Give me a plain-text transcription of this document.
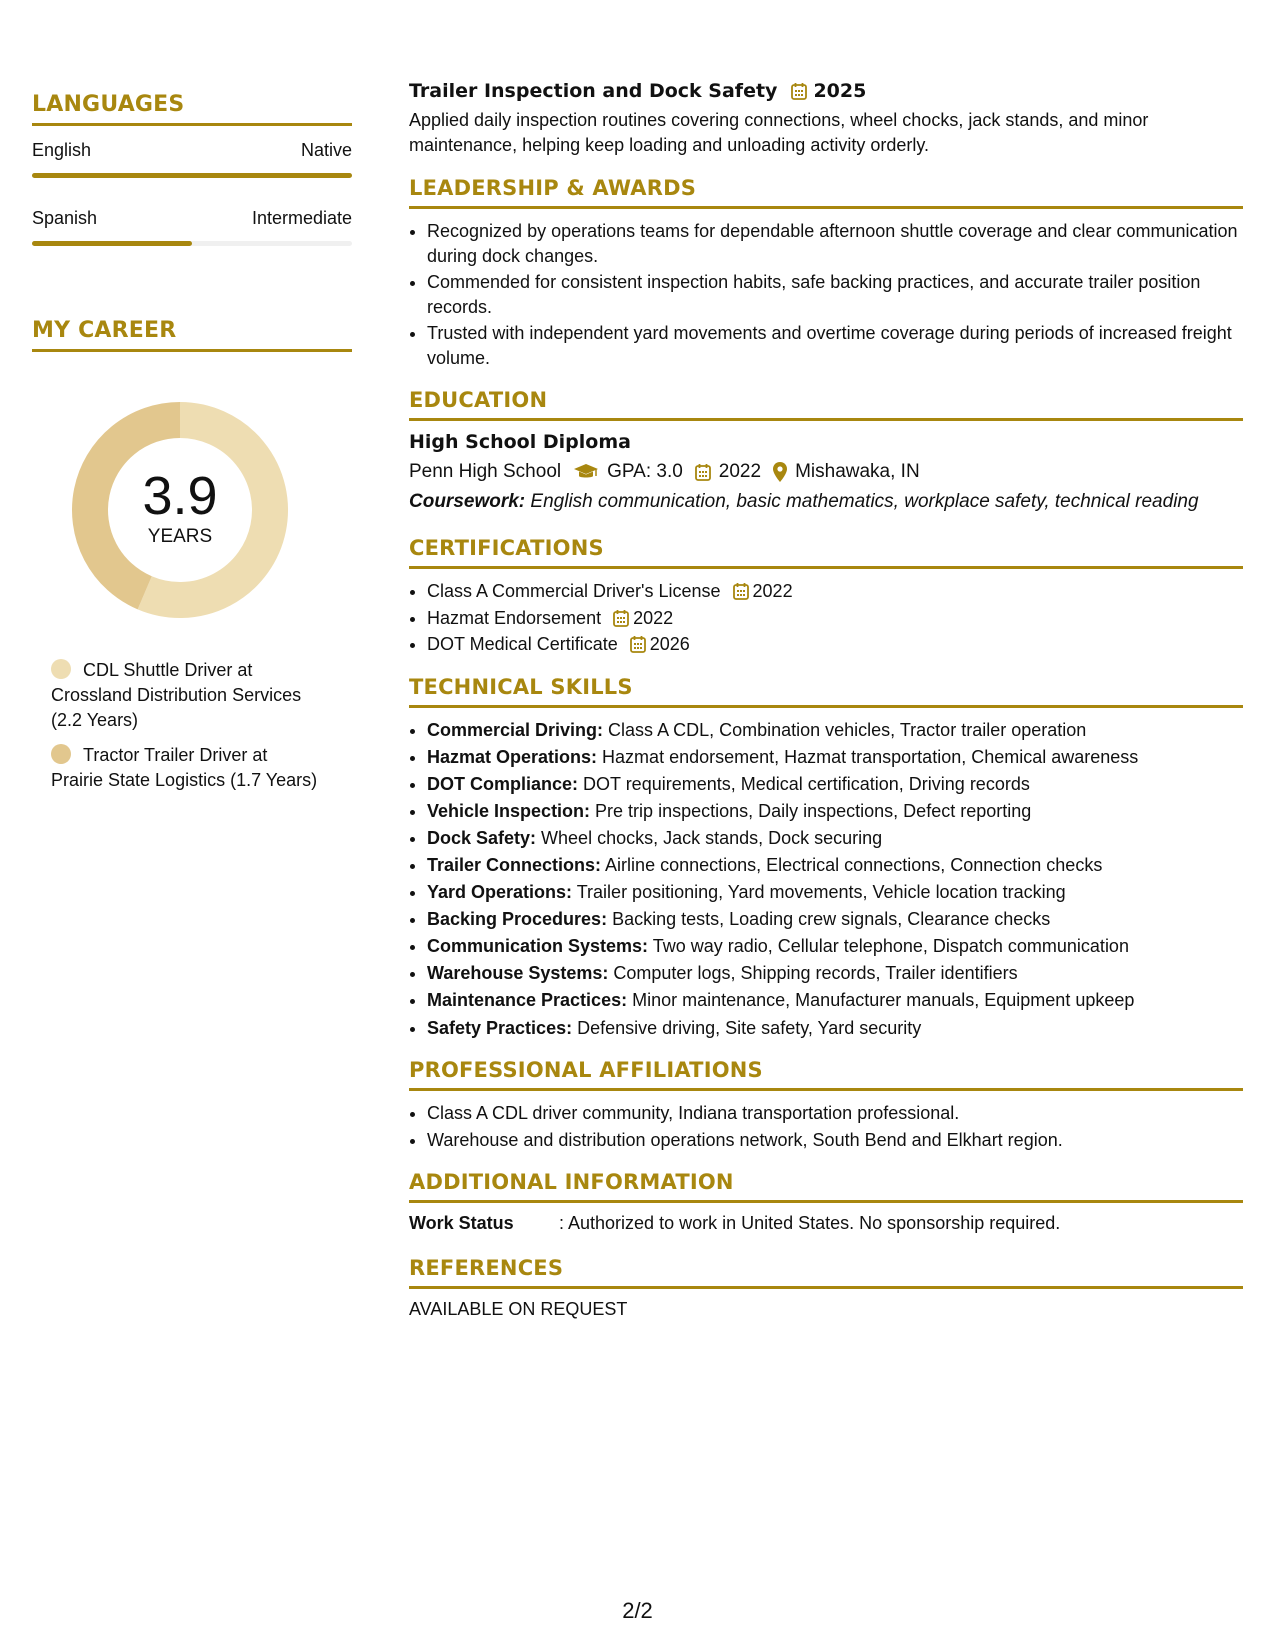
LANGUAGES
English	Native
Spanish	Intermediate
MY CAREER
3.9
YEARS
CDL Shuttle Driver at Crossland Distribution Services (2.2 Years)
Tractor Trailer Driver at Prairie State Logistics (1.7 Years)
Trailer Inspection and Dock Safety 2025
Applied daily inspection routines covering connections, wheel chocks, jack stands, and minor maintenance, helping keep loading and unloading activity orderly.
LEADERSHIP & AWARDS
• Recognized by operations teams for dependable afternoon shuttle coverage and clear communication during dock changes.
• Commended for consistent inspection habits, safe backing practices, and accurate trailer position records.
• Trusted with independent yard movements and overtime coverage during periods of increased freight volume.
EDUCATION
High School Diploma
Penn High School GPA: 3.0 2022 Mishawaka, IN
Coursework: English communication, basic mathematics, workplace safety, technical reading
CERTIFICATIONS
• Class A Commercial Driver's License 2022
• Hazmat Endorsement 2022
• DOT Medical Certificate 2026
TECHNICAL SKILLS
• Commercial Driving: Class A CDL, Combination vehicles, Tractor trailer operation
• Hazmat Operations: Hazmat endorsement, Hazmat transportation, Chemical awareness
• DOT Compliance: DOT requirements, Medical certification, Driving records
• Vehicle Inspection: Pre trip inspections, Daily inspections, Defect reporting
• Dock Safety: Wheel chocks, Jack stands, Dock securing
• Trailer Connections: Airline connections, Electrical connections, Connection checks
• Yard Operations: Trailer positioning, Yard movements, Vehicle location tracking
• Backing Procedures: Backing tests, Loading crew signals, Clearance checks
• Communication Systems: Two way radio, Cellular telephone, Dispatch communication
• Warehouse Systems: Computer logs, Shipping records, Trailer identifiers
• Maintenance Practices: Minor maintenance, Manufacturer manuals, Equipment upkeep
• Safety Practices: Defensive driving, Site safety, Yard security
PROFESSIONAL AFFILIATIONS
• Class A CDL driver community, Indiana transportation professional.
• Warehouse and distribution operations network, South Bend and Elkhart region.
ADDITIONAL INFORMATION
Work Status	: Authorized to work in United States. No sponsorship required.
REFERENCES
AVAILABLE ON REQUEST
2/2
